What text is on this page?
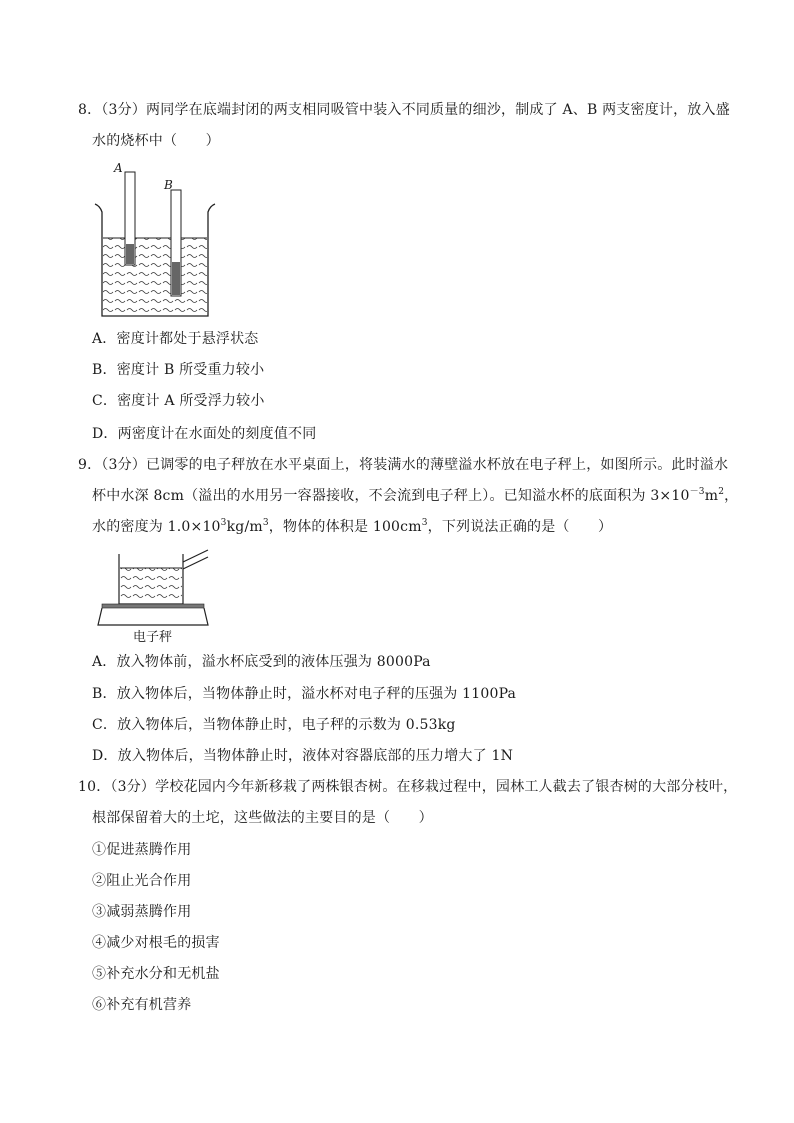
8．（3分）两同学在底端封闭的两支相同吸管中装入不同质量的细沙，制成了 A、B 两支密度计，放入盛
水的烧杯中（　　）
A
B
A．密度计都处于悬浮状态
B．密度计 B 所受重力较小
C．密度计 A 所受浮力较小
D．两密度计在水面处的刻度值不同
9．（3分）已调零的电子秤放在水平桌面上，将装满水的薄壁溢水杯放在电子秤上，如图所示。此时溢水
杯中水深 8cm（溢出的水用另一容器接收，不会流到电子秤上）。已知溢水杯的底面积为 $3\times 10^{-3}m^2$，
水的密度为 $1.0\times 10^3kg/m^3$，物体的体积是 $100cm^3$，下列说法正确的是（　　）
电子秤
A．放入物体前，溢水杯底受到的液体压强为 8000Pa
B．放入物体后，当物体静止时，溢水杯对电子秤的压强为 1100Pa
C．放入物体后，当物体静止时，电子秤的示数为 0.53kg
D．放入物体后，当物体静止时，液体对容器底部的压力增大了 1N
10．（3分）学校花园内今年新移栽了两株银杏树。在移栽过程中，园林工人截去了银杏树的大部分枝叶，
根部保留着大的土坨，这些做法的主要目的是（　　）
①促进蒸腾作用
②阻止光合作用
③减弱蒸腾作用
④减少对根毛的损害
⑤补充水分和无机盐
⑥补充有机营养
